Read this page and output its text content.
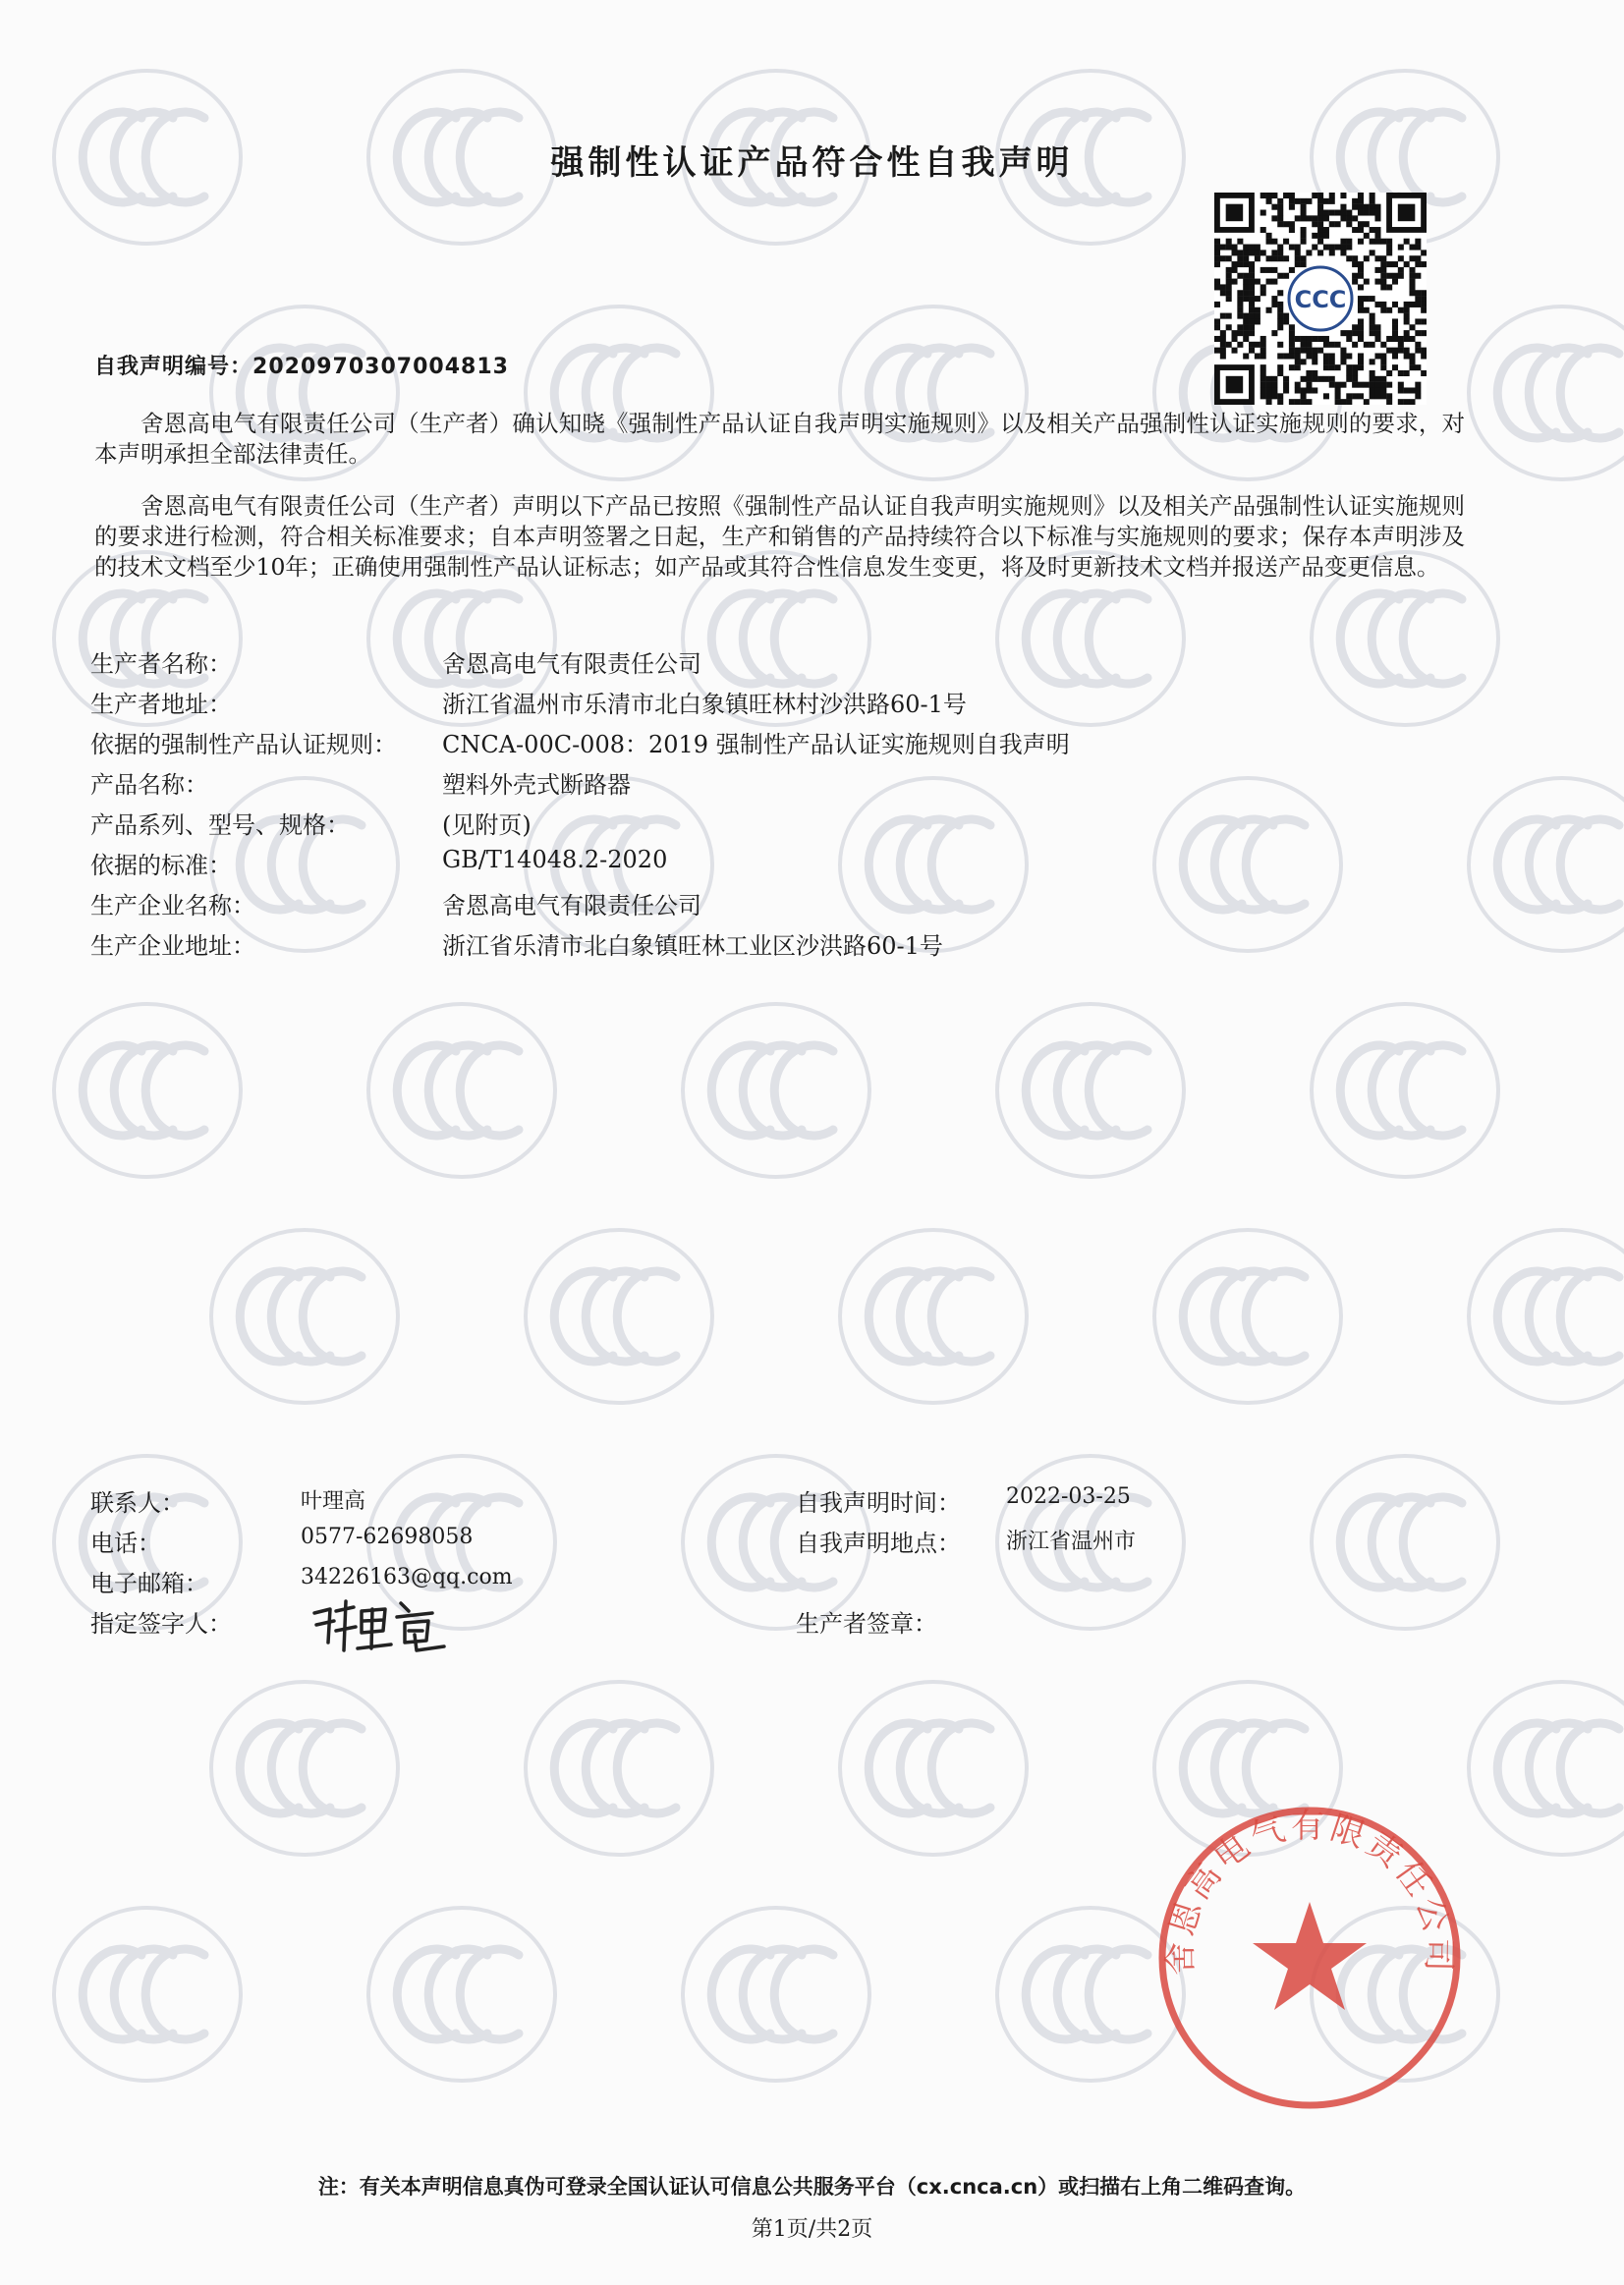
强制性认证产品符合性自我声明
CCC
自我声明编号：2020970307004813

舍恩高电气有限责任公司（生产者）确认知晓《强制性产品认证自我声明实施规则》以及相关产品强制性认证实施规则的要求，对本声明承担全部法律责任。

舍恩高电气有限责任公司（生产者）声明以下产品已按照《强制性产品认证自我声明实施规则》以及相关产品强制性认证实施规则的要求进行检测，符合相关标准要求；自本声明签署之日起，生产和销售的产品持续符合以下标准与实施规则的要求；保存本声明涉及的技术文档至少10年；正确使用强制性产品认证标志；如产品或其符合性信息发生变更，将及时更新技术文档并报送产品变更信息。

生产者名称：	舍恩高电气有限责任公司
生产者地址：	浙江省温州市乐清市北白象镇旺林村沙洪路60-1号
依据的强制性产品认证规则： CNCA-00C-008：2019 强制性产品认证实施规则自我声明
产品名称：	塑料外壳式断路器
产品系列、型号、规格：	(见附页)
依据的标准：	GB/T14048.2-2020
生产企业名称：	舍恩高电气有限责任公司
生产企业地址：	浙江省乐清市北白象镇旺林工业区沙洪路60-1号
联系人：	叶理高
电话：	0577-62698058
电子邮箱：	34226163@qq.com
指定签字人：
自我声明时间： 2022-03-25
自我声明地点： 浙江省温州市
生产者签章：
舍恩高电气有限责任公司
注：有关本声明信息真伪可登录全国认证认可信息公共服务平台（cx.cnca.cn）或扫描右上角二维码查询。
第1页/共2页
